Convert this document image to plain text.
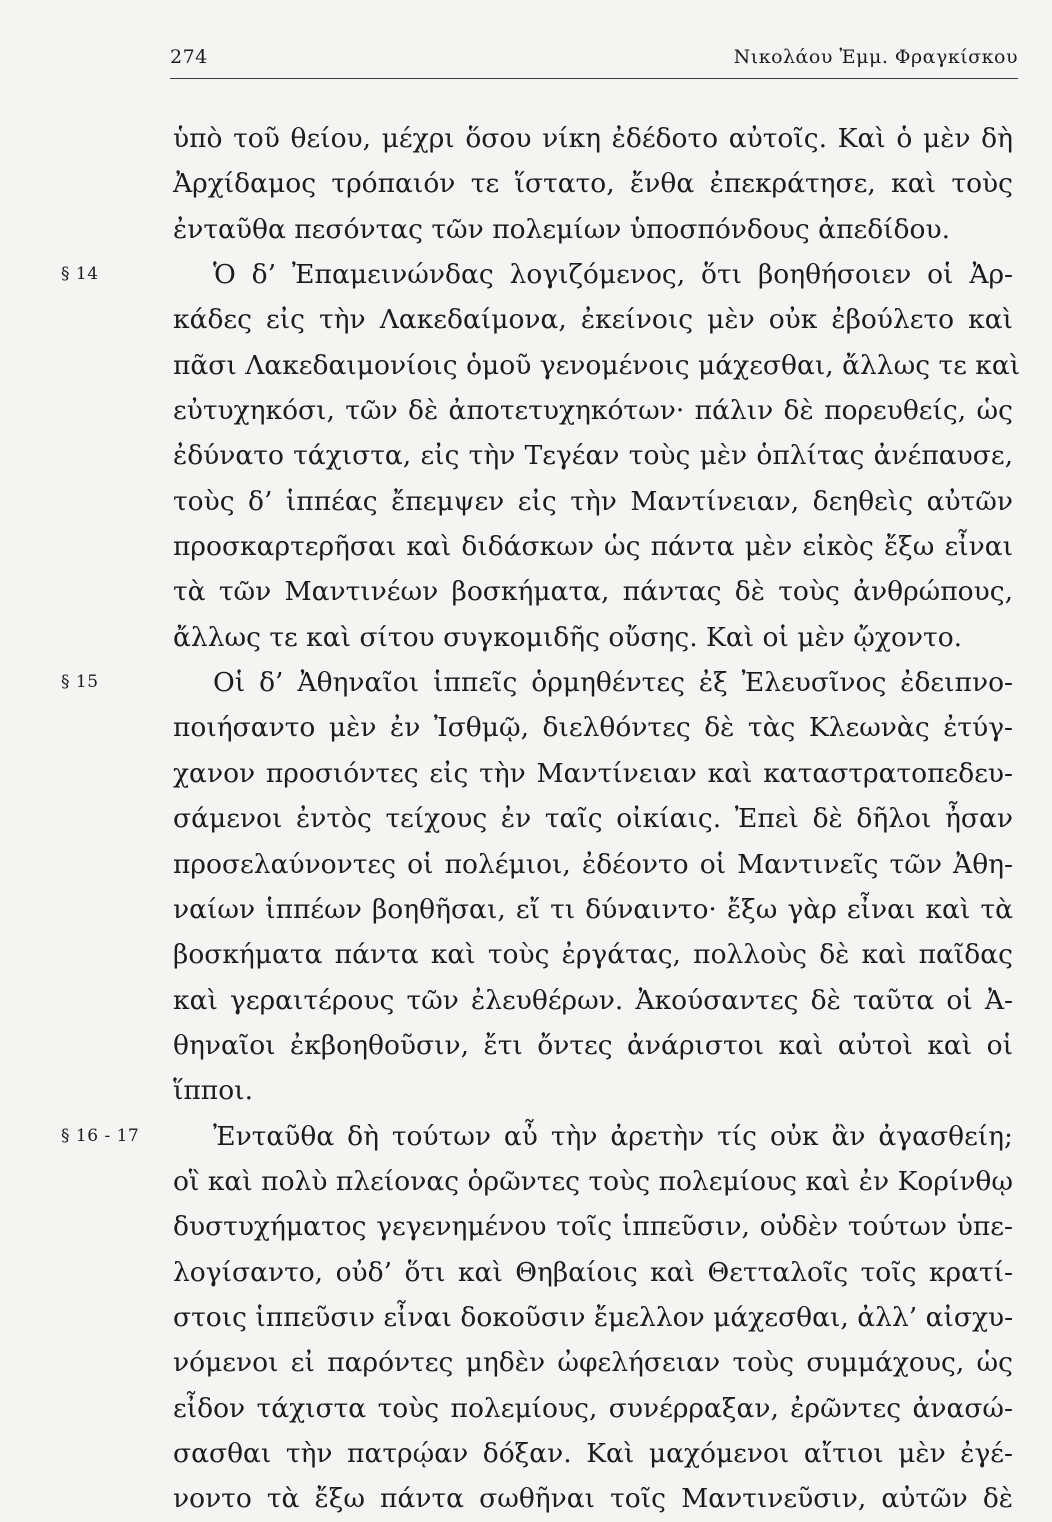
274	Νικολάου Ἐμμ. Φραγκίσκου
ὑπὸ τοῦ θείου, μέχρι ὅσου νίκη ἐδέδοτο αὐτοῖς. Καὶ ὁ μὲν δὴ
Ἀρχίδαμος τρόπαιόν τε ἵστατο, ἔνθα ἐπεκράτησε, καὶ τοὺς
ἐνταῦθα πεσόντας τῶν πολεμίων ὑποσπόνδους ἀπεδίδου.
§ 14	Ὁ δ’ Ἐπαμεινώνδας λογιζόμενος, ὅτι βοηθήσοιεν οἱ Ἀρ-
κάδες εἰς τὴν Λακεδαίμονα, ἐκείνοις μὲν οὐκ ἐβούλετο καὶ
πᾶσι Λακεδαιμονίοις ὁμοῦ γενομένοις μάχεσθαι, ἄλλως τε καὶ
εὐτυχηκόσι, τῶν δὲ ἀποτετυχηκότων· πάλιν δὲ πορευθείς, ὡς
ἐδύνατο τάχιστα, εἰς τὴν Τεγέαν τοὺς μὲν ὁπλίτας ἀνέπαυσε,
τοὺς δ’ ἱππέας ἔπεμψεν εἰς τὴν Μαντίνειαν, δεηθεὶς αὐτῶν
προσκαρτερῆσαι καὶ διδάσκων ὡς πάντα μὲν εἰκὸς ἔξω εἶναι
τὰ τῶν Μαντινέων βοσκήματα, πάντας δὲ τοὺς ἀνθρώπους,
ἄλλως τε καὶ σίτου συγκομιδῆς οὔσης. Καὶ οἱ μὲν ᾤχοντο.
§ 15	Οἱ δ’ Ἀθηναῖοι ἱππεῖς ὁρμηθέντες ἐξ Ἐλευσῖνος ἐδειπνο-
ποιήσαντο μὲν ἐν Ἰσθμῷ, διελθόντες δὲ τὰς Κλεωνὰς ἐτύγ-
χανον προσιόντες εἰς τὴν Μαντίνειαν καὶ καταστρατοπεδευ-
σάμενοι ἐντὸς τείχους ἐν ταῖς οἰκίαις. Ἐπεὶ δὲ δῆλοι ἦσαν
προσελαύνοντες οἱ πολέμιοι, ἐδέοντο οἱ Μαντινεῖς τῶν Ἀθη-
ναίων ἱππέων βοηθῆσαι, εἴ τι δύναιντο· ἔξω γὰρ εἶναι καὶ τὰ
βοσκήματα πάντα καὶ τοὺς ἐργάτας, πολλοὺς δὲ καὶ παῖδας
καὶ γεραιτέρους τῶν ἐλευθέρων. Ἀκούσαντες δὲ ταῦτα οἱ Ἀ-
θηναῖοι ἐκβοηθοῦσιν, ἔτι ὄντες ἀνάριστοι καὶ αὐτοὶ καὶ οἱ
ἵπποι.
§ 16 - 17	Ἐνταῦθα δὴ τούτων αὖ τὴν ἀρετὴν τίς οὐκ ἂν ἀγασθείη;
οἳ καὶ πολὺ πλείονας ὁρῶντες τοὺς πολεμίους καὶ ἐν Κορίνθῳ
δυστυχήματος γεγενημένου τοῖς ἱππεῦσιν, οὐδὲν τούτων ὑπε-
λογίσαντο, οὐδ’ ὅτι καὶ Θηβαίοις καὶ Θετταλοῖς τοῖς κρατί-
στοις ἱππεῦσιν εἶναι δοκοῦσιν ἔμελλον μάχεσθαι, ἀλλ’ αἰσχυ-
νόμενοι εἰ παρόντες μηδὲν ὠφελήσειαν τοὺς συμμάχους, ὡς
εἶδον τάχιστα τοὺς πολεμίους, συνέρραξαν, ἐρῶντες ἀνασώ-
σασθαι τὴν πατρῴαν δόξαν. Καὶ μαχόμενοι αἴτιοι μὲν ἐγέ-
νοντο τὰ ἔξω πάντα σωθῆναι τοῖς Μαντινεῦσιν, αὐτῶν δὲ
